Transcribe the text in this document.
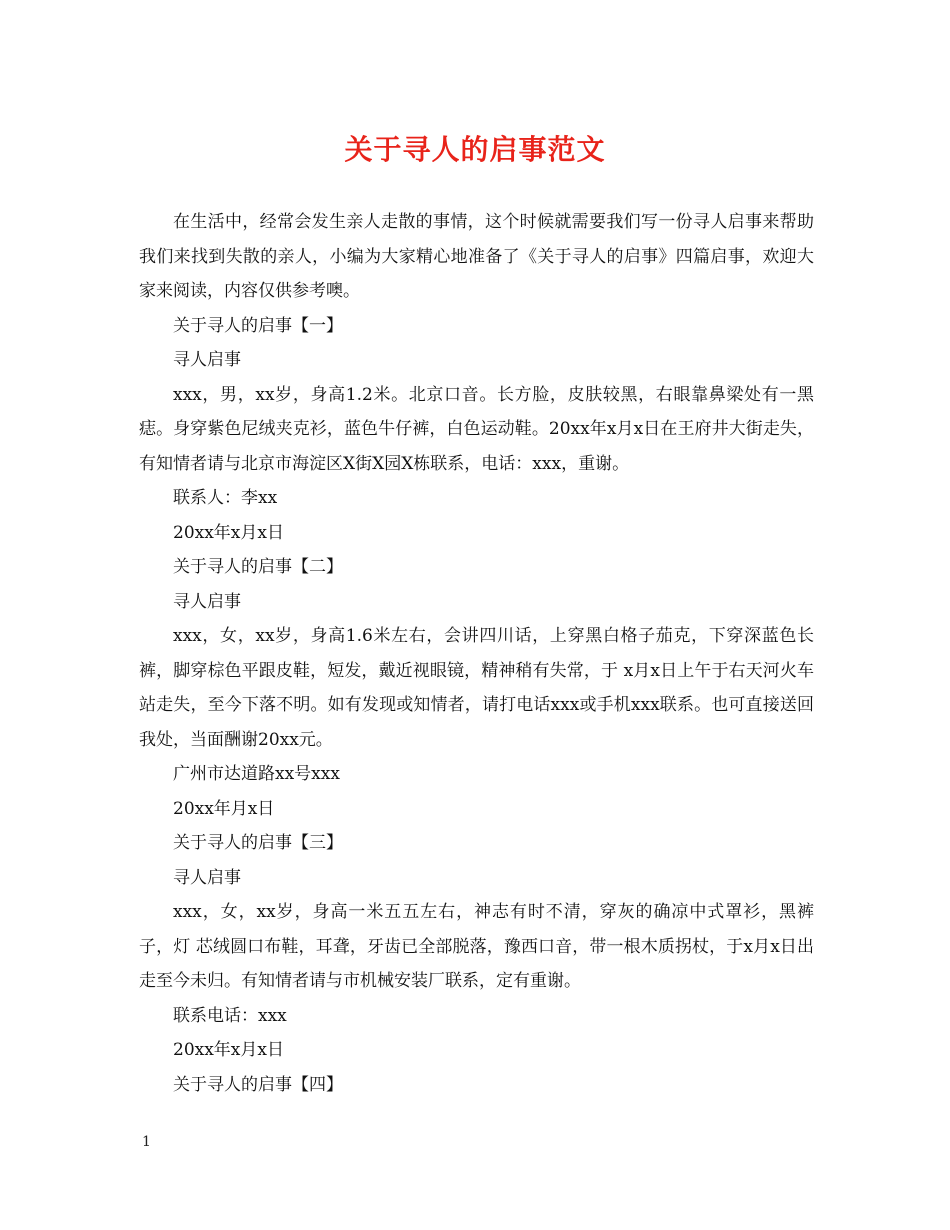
关于寻人的启事范文

在生活中，经常会发生亲人走散的事情，这个时候就需要我们写一份寻人启事来帮助我们来找到失散的亲人，小编为大家精心地准备了《关于寻人的启事》四篇启事，欢迎大家来阅读，内容仅供参考噢。

关于寻人的启事【一】

寻人启事

xxx，男，xx岁，身高1.2米。北京口音。长方脸，皮肤较黑，右眼靠鼻梁处有一黑痣。身穿紫色尼绒夹克衫，蓝色牛仔裤，白色运动鞋。20xx年x月x日在王府井大街走失，有知情者请与北京市海淀区X街X园X栋联系，电话：xxx，重谢。

联系人：李xx

20xx年x月x日

关于寻人的启事【二】

寻人启事

xxx，女，xx岁，身高1.6米左右，会讲四川话，上穿黑白格子茄克，下穿深蓝色长裤，脚穿棕色平跟皮鞋，短发，戴近视眼镜，精神稍有失常，于 x月x日上午于右天河火车站走失，至今下落不明。如有发现或知情者，请打电话xxx或手机xxx联系。也可直接送回我处，当面酬谢20xx元。

广州市达道路xx号xxx

20xx年月x日

关于寻人的启事【三】

寻人启事

xxx，女，xx岁，身高一米五五左右，神志有时不清，穿灰的确凉中式罩衫，黑裤子，灯 芯绒圆口布鞋，耳聋，牙齿已全部脱落，豫西口音，带一根木质拐杖，于x月x日出走至今未归。有知情者请与市机械安装厂联系，定有重谢。

联系电话：xxx

20xx年x月x日

关于寻人的启事【四】

1
